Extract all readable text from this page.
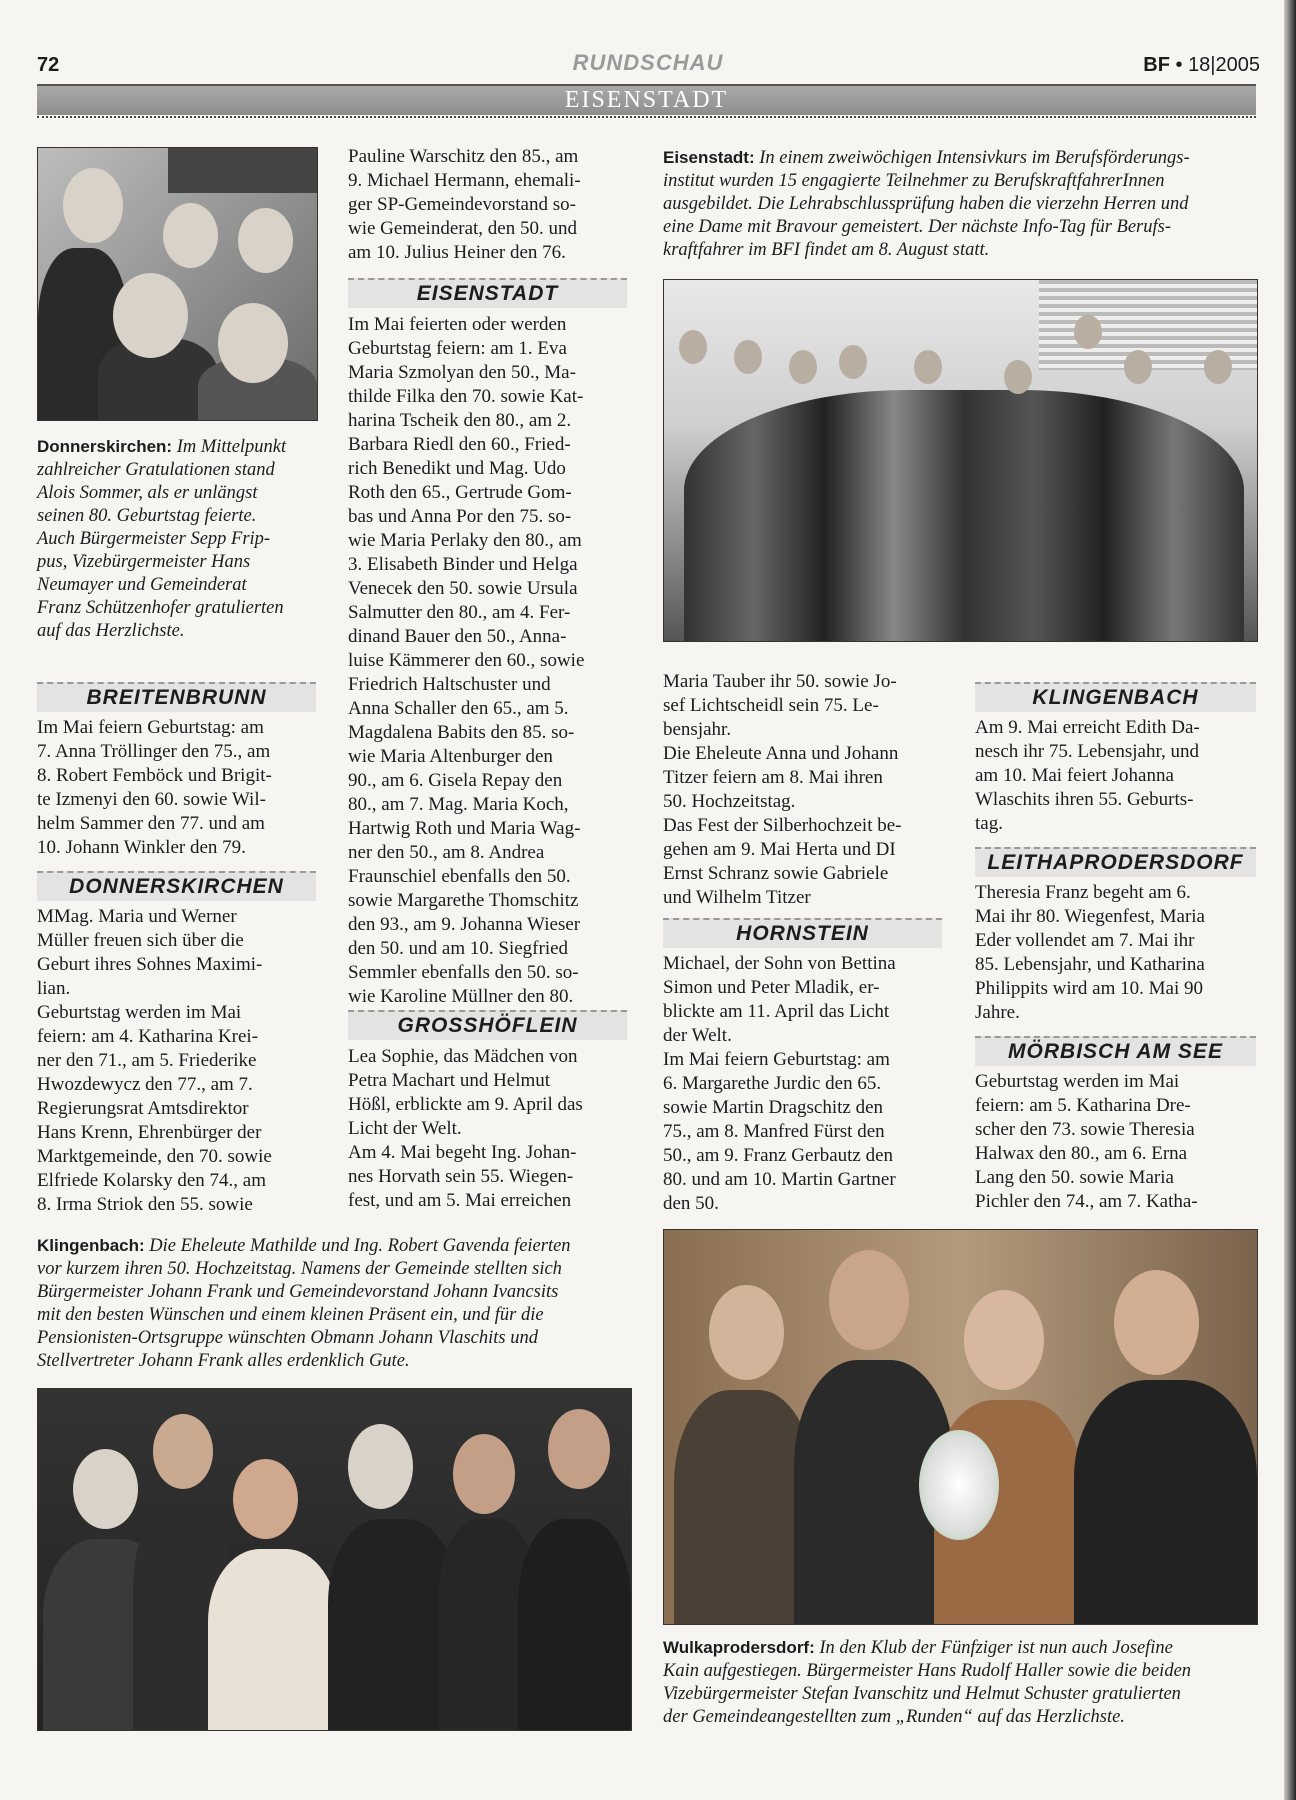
72	RUNDSCHAU	BF • 18|2005
EISENSTADT
Donnerskirchen: Im Mittelpunkt
zahlreicher Gratulationen stand
Alois Sommer, als er unlängst
seinen 80. Geburtstag feierte.
Auch Bürgermeister Sepp Frip-
pus, Vizebürgermeister Hans
Neumayer und Gemeinderat
Franz Schützenhofer gratulierten
auf das Herzlichste.
BREITENBRUNN
Im Mai feiern Geburtstag: am
7. Anna Tröllinger den 75., am
8. Robert Femböck und Brigit-
te Izmenyi den 60. sowie Wil-
helm Sammer den 77. und am
10. Johann Winkler den 79.
DONNERSKIRCHEN
MMag. Maria und Werner
Müller freuen sich über die
Geburt ihres Sohnes Maximi-
lian.
Geburtstag werden im Mai
feiern: am 4. Katharina Krei-
ner den 71., am 5. Friederike
Hwozdewycz den 77., am 7.
Regierungsrat Amtsdirektor
Hans Krenn, Ehrenbürger der
Marktgemeinde, den 70. sowie
Elfriede Kolarsky den 74., am
8. Irma Striok den 55. sowie
Pauline Warschitz den 85., am
9. Michael Hermann, ehemali-
ger SP-Gemeindevorstand so-
wie Gemeinderat, den 50. und
am 10. Julius Heiner den 76.
EISENSTADT
Im Mai feierten oder werden
Geburtstag feiern: am 1. Eva
Maria Szmolyan den 50., Ma-
thilde Filka den 70. sowie Kat-
harina Tscheik den 80., am 2.
Barbara Riedl den 60., Fried-
rich Benedikt und Mag. Udo
Roth den 65., Gertrude Gom-
bas und Anna Por den 75. so-
wie Maria Perlaky den 80., am
3. Elisabeth Binder und Helga
Venecek den 50. sowie Ursula
Salmutter den 80., am 4. Fer-
dinand Bauer den 50., Anna-
luise Kämmerer den 60., sowie
Friedrich Haltschuster und
Anna Schaller den 65., am 5.
Magdalena Babits den 85. so-
wie Maria Altenburger den
90., am 6. Gisela Repay den
80., am 7. Mag. Maria Koch,
Hartwig Roth und Maria Wag-
ner den 50., am 8. Andrea
Fraunschiel ebenfalls den 50.
sowie Margarethe Thomschitz
den 93., am 9. Johanna Wieser
den 50. und am 10. Siegfried
Semmler ebenfalls den 50. so-
wie Karoline Müllner den 80.
GROSSHÖFLEIN
Lea Sophie, das Mädchen von
Petra Machart und Helmut
Hößl, erblickte am 9. April das
Licht der Welt.
Am 4. Mai begeht Ing. Johan-
nes Horvath sein 55. Wiegen-
fest, und am 5. Mai erreichen
Eisenstadt: In einem zweiwöchigen Intensivkurs im Berufsförderungs-
institut wurden 15 engagierte Teilnehmer zu BerufskraftfahrerInnen
ausgebildet. Die Lehrabschlussprüfung haben die vierzehn Herren und
eine Dame mit Bravour gemeistert. Der nächste Info-Tag für Berufs-
kraftfahrer im BFI findet am 8. August statt.
Maria Tauber ihr 50. sowie Jo-
sef Lichtscheidl sein 75. Le-
bensjahr.
Die Eheleute Anna und Johann
Titzer feiern am 8. Mai ihren
50. Hochzeitstag.
Das Fest der Silberhochzeit be-
gehen am 9. Mai Herta und DI
Ernst Schranz sowie Gabriele
und Wilhelm Titzer
HORNSTEIN
Michael, der Sohn von Bettina
Simon und Peter Mladik, er-
blickte am 11. April das Licht
der Welt.
Im Mai feiern Geburtstag: am
6. Margarethe Jurdic den 65.
sowie Martin Dragschitz den
75., am 8. Manfred Fürst den
50., am 9. Franz Gerbautz den
80. und am 10. Martin Gartner
den 50.
KLINGENBACH
Am 9. Mai erreicht Edith Da-
nesch ihr 75. Lebensjahr, und
am 10. Mai feiert Johanna
Wlaschits ihren 55. Geburts-
tag.
LEITHAPRODERSDORF
Theresia Franz begeht am 6.
Mai ihr 80. Wiegenfest, Maria
Eder vollendet am 7. Mai ihr
85. Lebensjahr, und Katharina
Philippits wird am 10. Mai 90
Jahre.
MÖRBISCH AM SEE
Geburtstag werden im Mai
feiern: am 5. Katharina Dre-
scher den 73. sowie Theresia
Halwax den 80., am 6. Erna
Lang den 50. sowie Maria
Pichler den 74., am 7. Katha-
Klingenbach: Die Eheleute Mathilde und Ing. Robert Gavenda feierten
vor kurzem ihren 50. Hochzeitstag. Namens der Gemeinde stellten sich
Bürgermeister Johann Frank und Gemeindevorstand Johann Ivancsits
mit den besten Wünschen und einem kleinen Präsent ein, und für die
Pensionisten-Ortsgruppe wünschten Obmann Johann Vlaschits und
Stellvertreter Johann Frank alles erdenklich Gute.
Wulkaprodersdorf: In den Klub der Fünfziger ist nun auch Josefine
Kain aufgestiegen. Bürgermeister Hans Rudolf Haller sowie die beiden
Vizebürgermeister Stefan Ivanschitz und Helmut Schuster gratulierten
der Gemeindeangestellten zum „Runden“ auf das Herzlichste.
